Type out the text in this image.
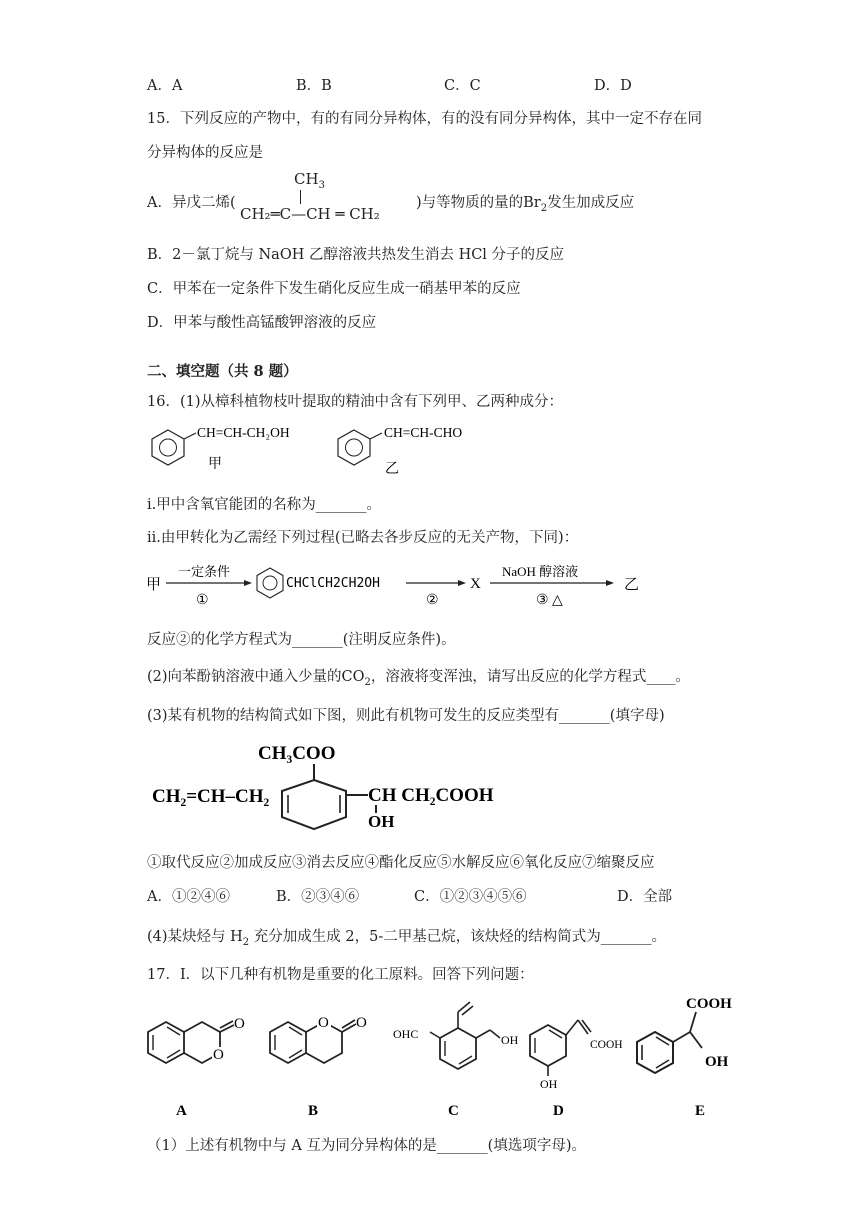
A．A	B．B	C．C	D．D
15．下列反应的产物中，有的有同分异构体，有的没有同分异构体，其中一定不存在同
分异构体的反应是
A．异戊二烯(
$CH_3$
CH₂═C—CH ═ CH₂
)与等物质的量的$Br_2$发生加成反应
B．2－氯丁烷与 NaOH 乙醇溶液共热发生消去 HCl 分子的反应
C．甲苯在一定条件下发生硝化反应生成一硝基甲苯的反应
D．甲苯与酸性高锰酸钾溶液的反应
二、填空题（共 8 题）
16．(1)从樟科植物枝叶提取的精油中含有下列甲、乙两种成分：
CH=CH-CH₂OH
甲
CH=CH-CHO
乙
i.甲中含氧官能团的名称为_______。
ii.由甲转化为乙需经下列过程(已略去各步反应的无关产物，下同)：
甲
一定条件
①
CHClCH2CH2OH
②
X
NaOH 醇溶液
③ △
乙
反应②的化学方程式为_______(注明反应条件)。
(2)向苯酚钠溶液中通入少量的$CO_2$，溶液将变浑浊，请写出反应的化学方程式____。
(3)某有机物的结构简式如下图，则此有机物可发生的反应类型有_______(填字母)
CH₃COO
CH₂=CH–CH₂	CH CH₂COOH
OH
①取代反应②加成反应③消去反应④酯化反应⑤水解反应⑥氧化反应⑦缩聚反应
A．①②④⑥	B．②③④⑥	C．①②③④⑤⑥	D．全部
(4)某炔烃与 $H_2$ 充分加成生成 2，5-二甲基己烷，该炔烃的结构简式为_______。
17．I．以下几种有机物是重要的化工原料。回答下列问题：
O
O
A
O O
B
OHC	OH
C
COOH
OH
D
COOH
OH
E
（1）上述有机物中与 A 互为同分异构体的是_______(填选项字母)。
